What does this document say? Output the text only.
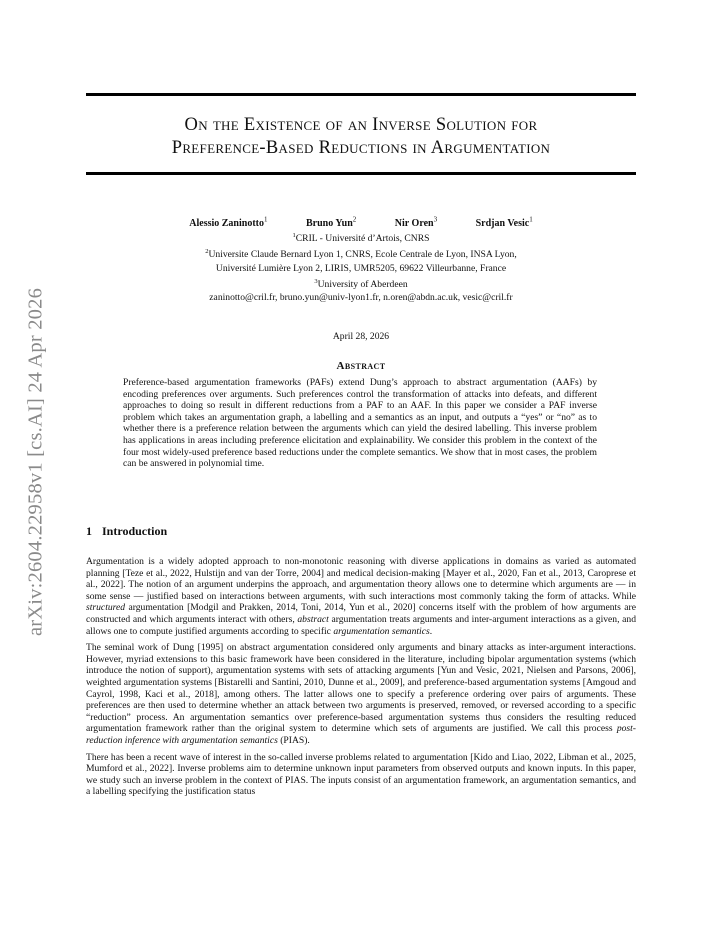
arXiv:2604.22958v1 [cs.AI] 24 Apr 2026
On the Existence of an Inverse Solution for
Preference-Based Reductions in Argumentation
Alessio Zaninotto$^1$	Bruno Yun$^2$	Nir Oren$^3$	Srdjan Vesic$^1$
$^1$CRIL - Université d’Artois, CNRS
$^2$Universite Claude Bernard Lyon 1, CNRS, Ecole Centrale de Lyon, INSA Lyon,
Université Lumière Lyon 2, LIRIS, UMR5205, 69622 Villeurbanne, France
$^3$University of Aberdeen
zaninotto@cril.fr, bruno.yun@univ-lyon1.fr, n.oren@abdn.ac.uk, vesic@cril.fr
April 28, 2026
Abstract
Preference-based argumentation frameworks (PAFs) extend Dung’s approach to abstract argumentation (AAFs) by encoding preferences over arguments. Such preferences control the transformation of attacks into defeats, and different approaches to doing so result in different reductions from a PAF to an AAF. In this paper we consider a PAF inverse problem which takes an argumentation graph, a labelling and a semantics as an input, and outputs a “yes” or “no” as to whether there is a preference relation between the arguments which can yield the desired labelling. This inverse problem has applications in areas including preference elicitation and explainability. We consider this problem in the context of the four most widely-used preference based reductions under the complete semantics. We show that in most cases, the problem can be answered in polynomial time.
1 Introduction

Argumentation is a widely adopted approach to non-monotonic reasoning with diverse applications in domains as varied as automated planning [Teze et al., 2022, Hulstijn and van der Torre, 2004] and medical decision-making [Mayer et al., 2020, Fan et al., 2013, Caroprese et al., 2022]. The notion of an argument underpins the approach, and argumentation theory allows one to determine which arguments are — in some sense — justified based on interactions between arguments, with such interactions most commonly taking the form of attacks. While structured argumentation [Modgil and Prakken, 2014, Toni, 2014, Yun et al., 2020] concerns itself with the problem of how arguments are constructed and which arguments interact with others, abstract argumentation treats arguments and inter-argument interactions as a given, and allows one to compute justified arguments according to specific argumentation semantics.

The seminal work of Dung [1995] on abstract argumentation considered only arguments and binary attacks as inter-argument interactions. However, myriad extensions to this basic framework have been considered in the literature, including bipolar argumentation systems (which introduce the notion of support), argumentation systems with sets of attacking arguments [Yun and Vesic, 2021, Nielsen and Parsons, 2006], weighted argumentation systems [Bistarelli and Santini, 2010, Dunne et al., 2009], and preference-based argumentation systems [Amgoud and Cayrol, 1998, Kaci et al., 2018], among others. The latter allows one to specify a preference ordering over pairs of arguments. These preferences are then used to determine whether an attack between two arguments is preserved, removed, or reversed according to a specific “reduction” process. An argumentation semantics over preference-based argumentation systems thus considers the resulting reduced argumentation framework rather than the original system to determine which sets of arguments are justified. We call this process post-reduction inference with argumentation semantics (PIAS).

There has been a recent wave of interest in the so-called inverse problems related to argumentation [Kido and Liao, 2022, Libman et al., 2025, Mumford et al., 2022]. Inverse problems aim to determine unknown input parameters from observed outputs and known inputs. In this paper, we study such an inverse problem in the context of PIAS. The inputs consist of an argumentation framework, an argumentation semantics, and a labelling specifying the justification status
